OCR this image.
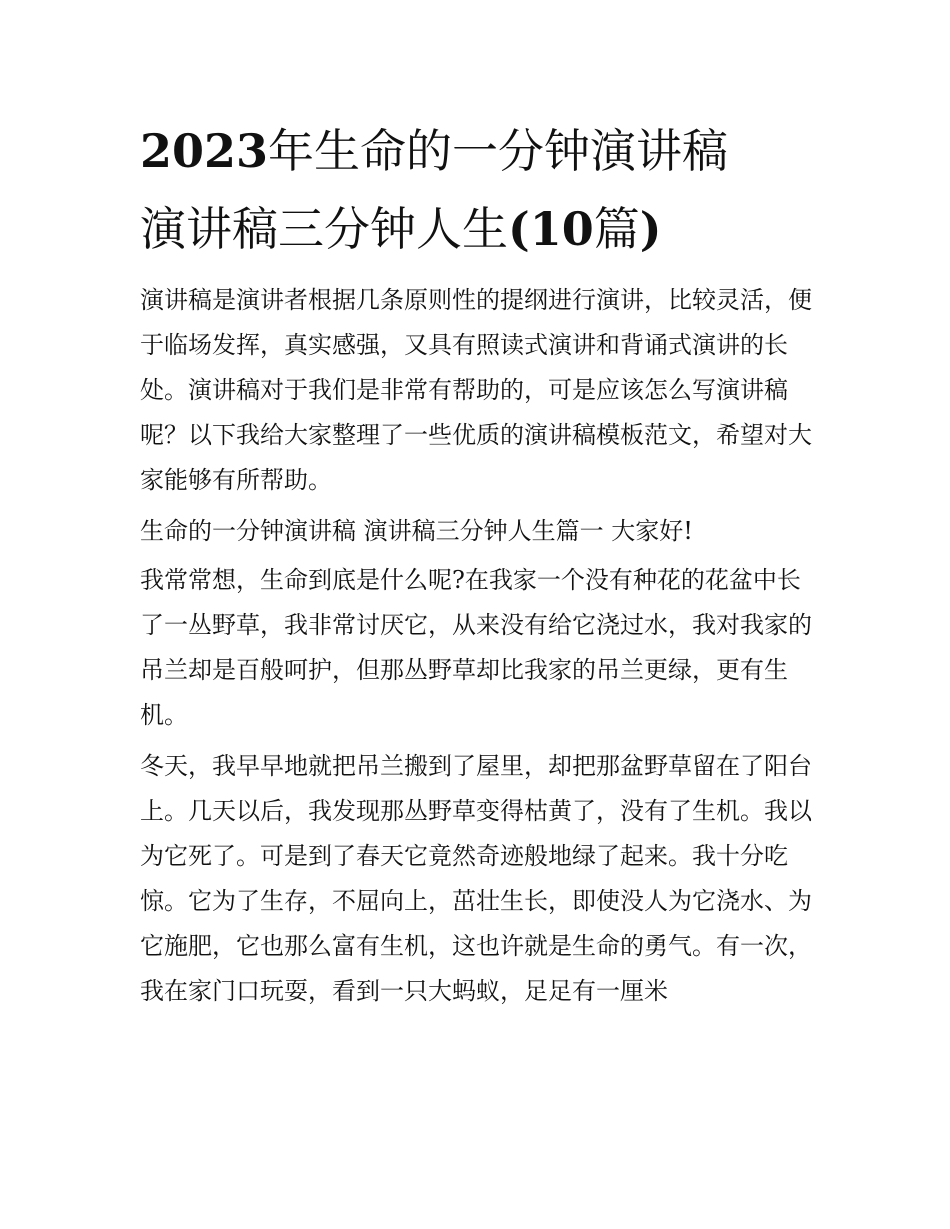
2023年生命的一分钟演讲稿
演讲稿三分钟人生(10篇)

演讲稿是演讲者根据几条原则性的提纲进行演讲，比较灵活，便于临场发挥，真实感强，又具有照读式演讲和背诵式演讲的长处。演讲稿对于我们是非常有帮助的，可是应该怎么写演讲稿呢？以下我给大家整理了一些优质的演讲稿模板范文，希望对大家能够有所帮助。

生命的一分钟演讲稿 演讲稿三分钟人生篇一 大家好!

我常常想，生命到底是什么呢?在我家一个没有种花的花盆中长了一丛野草，我非常讨厌它，从来没有给它浇过水，我对我家的吊兰却是百般呵护，但那丛野草却比我家的吊兰更绿，更有生机。

冬天，我早早地就把吊兰搬到了屋里，却把那盆野草留在了阳台上。几天以后，我发现那丛野草变得枯黄了，没有了生机。我以为它死了。可是到了春天它竟然奇迹般地绿了起来。我十分吃惊。它为了生存，不屈向上，茁壮生长，即使没人为它浇水、为它施肥，它也那么富有生机，这也许就是生命的勇气。有一次，我在家门口玩耍，看到一只大蚂蚁，足足有一厘米
